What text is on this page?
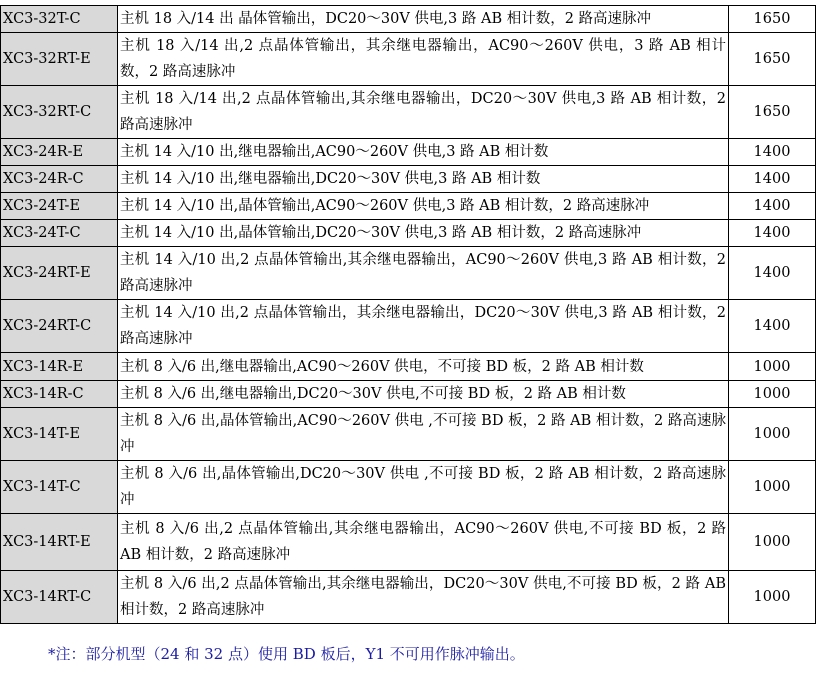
XC3-32T-C	主机 18 入/14 出 晶体管输出，DC20～30V 供电,3 路 AB 相计数，2 路高速脉冲	1650
XC3-32RT-E	主机 18 入/14 出,2 点晶体管输出，其余继电器输出，AC90～260V 供电，3 路 AB 相计数，2 路高速脉冲	1650
XC3-32RT-C	主机 18 入/14 出,2 点晶体管输出,其余继电器输出，DC20～30V 供电,3 路 AB 相计数，2 路高速脉冲	1650
XC3-24R-E	主机 14 入/10 出,继电器输出,AC90～260V 供电,3 路 AB 相计数	1400
XC3-24R-C	主机 14 入/10 出,继电器输出,DC20～30V 供电,3 路 AB 相计数	1400
XC3-24T-E	主机 14 入/10 出,晶体管输出,AC90～260V 供电,3 路 AB 相计数，2 路高速脉冲	1400
XC3-24T-C	主机 14 入/10 出,晶体管输出,DC20～30V 供电,3 路 AB 相计数，2 路高速脉冲	1400
XC3-24RT-E	主机 14 入/10 出,2 点晶体管输出,其余继电器输出，AC90～260V 供电,3 路 AB 相计数，2 路高速脉冲	1400
XC3-24RT-C	主机 14 入/10 出,2 点晶体管输出，其余继电器输出，DC20～30V 供电,3 路 AB 相计数，2 路高速脉冲	1400
XC3-14R-E	主机 8 入/6 出,继电器输出,AC90～260V 供电，不可接 BD 板，2 路 AB 相计数	1000
XC3-14R-C	主机 8 入/6 出,继电器输出,DC20～30V 供电,不可接 BD 板，2 路 AB 相计数	1000
XC3-14T-E	主机 8 入/6 出,晶体管输出,AC90～260V 供电 ,不可接 BD 板，2 路 AB 相计数，2 路高速脉冲	1000
XC3-14T-C	主机 8 入/6 出,晶体管输出,DC20～30V 供电 ,不可接 BD 板，2 路 AB 相计数，2 路高速脉冲	1000
XC3-14RT-E	主机 8 入/6 出,2 点晶体管输出,其余继电器输出，AC90～260V 供电,不可接 BD 板，2 路 AB 相计数，2 路高速脉冲	1000
XC3-14RT-C	主机 8 入/6 出,2 点晶体管输出,其余继电器输出，DC20～30V 供电,不可接 BD 板，2 路 AB 相计数，2 路高速脉冲	1000
*注：部分机型（24 和 32 点）使用 BD 板后，Y1 不可用作脉冲输出。
